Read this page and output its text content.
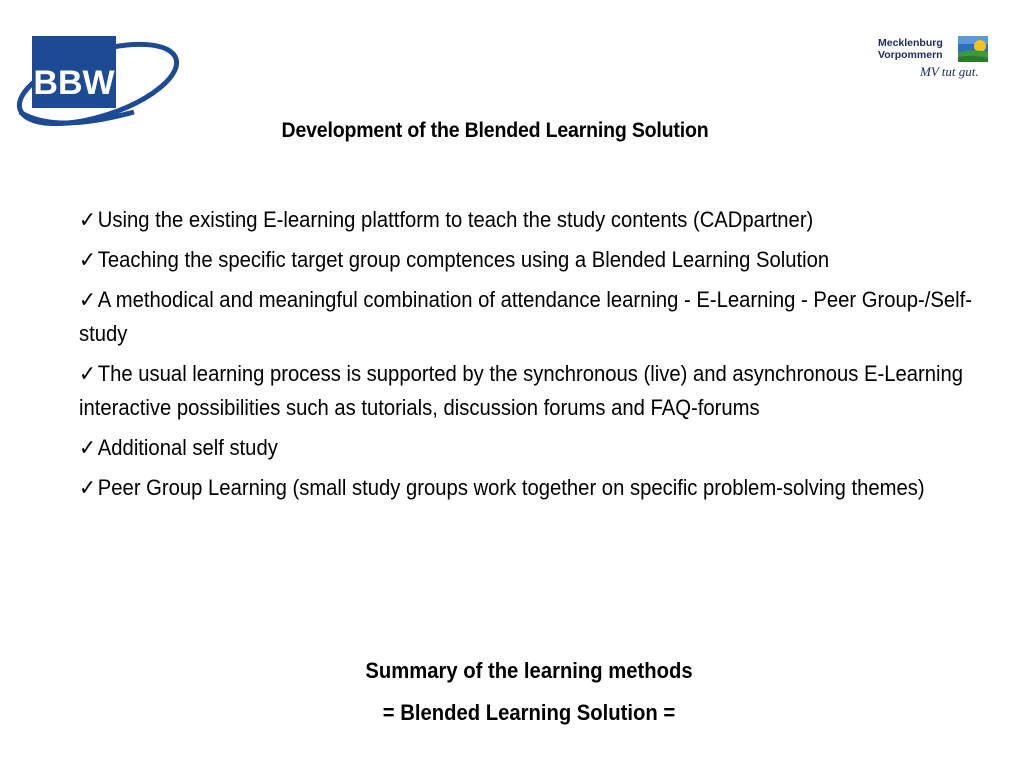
BBW
Mecklenburg
Vorpommern
MV tut gut.
Development of the Blended Learning Solution
✓Using the existing E-learning plattform to teach the study contents (CADpartner)
✓Teaching the specific target group comptences using a Blended Learning Solution
✓A methodical and meaningful combination of attendance learning - E-Learning - Peer Group-/Self-study
✓The usual learning process is supported by the synchronous (live) and asynchronous E-Learning interactive possibilities such as tutorials, discussion forums and FAQ-forums
✓Additional self study
✓Peer Group Learning (small study groups work together on specific problem-solving themes)
Summary of the learning methods
= Blended Learning Solution =
